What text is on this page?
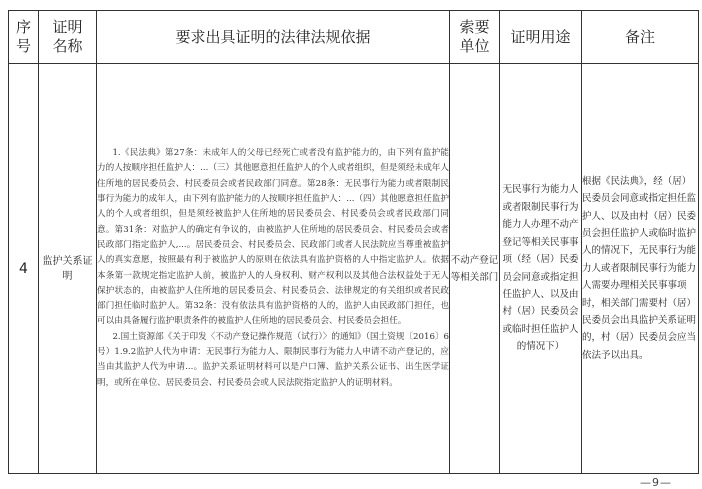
序号	证明名称	要求出具证明的法律法规依据	索要单位	证明用途	备注
4	监护关系证明	1.《民法典》第27条：未成年人的父母已经死亡或者没有监护能力的，由下列有监护能力的人按顺序担任监护人：...（三）其他愿意担任监护人的个人或者组织，但是须经未成年人住所地的居民委员会、村民委员会或者民政部门同意。第28条：无民事行为能力或者限制民事行为能力的成年人，由下列有监护能力的人按顺序担任监护人：...（四）其他愿意担任监护人的个人或者组织，但是须经被监护人住所地的居民委员会、村民委员会或者民政部门同意。第31条：对监护人的确定有争议的，由被监护人住所地的居民委员会、村民委员会或者民政部门指定监护人,...。居民委员会、村民委员会、民政部门或者人民法院应当尊重被监护人的真实意愿，按照最有利于被监护人的原则在依法具有监护资格的人中指定监护人。依据本条第一款规定指定监护人前，被监护人的人身权利、财产权利以及其他合法权益处于无人保护状态的，由被监护人住所地的居民委员会、村民委员会、法律规定的有关组织或者民政部门担任临时监护人。第32条：没有依法具有监护资格的人的，监护人由民政部门担任，也可以由具备履行监护职责条件的被监护人住所地的居民委员会、村民委员会担任。

2.国土资源部《关于印发〈不动产登记操作规范（试行）〉的通知》（国土资规〔2016〕6号）1.9.2监护人代为申请：无民事行为能力人、限制民事行为能力人申请不动产登记的，应当由其监护人代为申请...。监护关系证明材料可以是户口簿、监护关系公证书、出生医学证明，或所在单位、居民委员会、村民委员会或人民法院指定监护人的证明材料。	不动产登记等相关部门	无民事行为能力人或者限制民事行为能力人办理不动产登记等相关民事事项（经（居）民委员会同意或指定担任监护人、以及由村（居）民委员会或临时担任监护人的情况下）	根据《民法典》，经（居）民委员会同意或指定担任监护人、以及由村（居）民委员会担任监护人或临时监护人的情况下，无民事行为能力人或者限制民事行为能力人需要办理相关民事事项时，相关部门需要村（居）民委员会出具监护关系证明的，村（居）民委员会应当依法予以出具。
—9—
